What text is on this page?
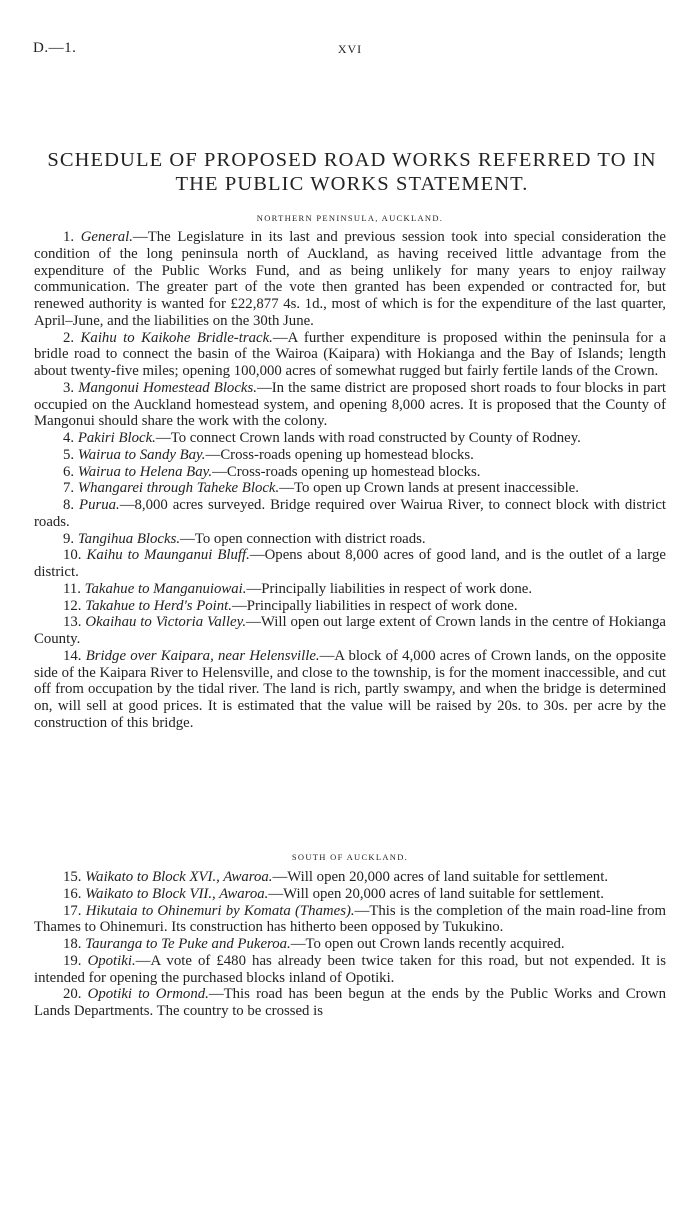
D.—1.	XVI
SCHEDULE OF PROPOSED ROAD WORKS REFERRED TO IN THE PUBLIC WORKS STATEMENT.
NORTHERN PENINSULA, AUCKLAND.

1. General.—The Legislature in its last and previous session took into special consideration the condition of the long peninsula north of Auckland, as having received little advantage from the expenditure of the Public Works Fund, and as being unlikely for many years to enjoy railway communication. The greater part of the vote then granted has been expended or contracted for, but renewed authority is wanted for £22,877 4s. 1d., most of which is for the expenditure of the last quarter, April–June, and the liabilities on the 30th June.

2. Kaihu to Kaikohe Bridle-track.—A further expenditure is proposed within the peninsula for a bridle road to connect the basin of the Wairoa (Kaipara) with Hokianga and the Bay of Islands; length about twenty-five miles; opening 100,000 acres of somewhat rugged but fairly fertile lands of the Crown.

3. Mangonui Homestead Blocks.—In the same district are proposed short roads to four blocks in part occupied on the Auckland homestead system, and opening 8,000 acres. It is proposed that the County of Mangonui should share the work with the colony.

4. Pakiri Block.—To connect Crown lands with road constructed by County of Rodney.

5. Wairua to Sandy Bay.—Cross-roads opening up homestead blocks.

6. Wairua to Helena Bay.—Cross-roads opening up homestead blocks.

7. Whangarei through Taheke Block.—To open up Crown lands at present inaccessible.

8. Purua.—8,000 acres surveyed. Bridge required over Wairua River, to connect block with district roads.

9. Tangihua Blocks.—To open connection with district roads.

10. Kaihu to Maunganui Bluff.—Opens about 8,000 acres of good land, and is the outlet of a large district.

11. Takahue to Manganuiowai.—Principally liabilities in respect of work done.

12. Takahue to Herd's Point.—Principally liabilities in respect of work done.

13. Okaihau to Victoria Valley.—Will open out large extent of Crown lands in the centre of Hokianga County.

14. Bridge over Kaipara, near Helensville.—A block of 4,000 acres of Crown lands, on the opposite side of the Kaipara River to Helensville, and close to the township, is for the moment inaccessible, and cut off from occupation by the tidal river. The land is rich, partly swampy, and when the bridge is determined on, will sell at good prices. It is estimated that the value will be raised by 20s. to 30s. per acre by the construction of this bridge.

SOUTH OF AUCKLAND.

15. Waikato to Block XVI., Awaroa.—Will open 20,000 acres of land suitable for settlement.

16. Waikato to Block VII., Awaroa.—Will open 20,000 acres of land suitable for settlement.

17. Hikutaia to Ohinemuri by Komata (Thames).—This is the completion of the main road-line from Thames to Ohinemuri. Its construction has hitherto been opposed by Tukukino.

18. Tauranga to Te Puke and Pukeroa.—To open out Crown lands recently acquired.

19. Opotiki.—A vote of £480 has already been twice taken for this road, but not expended. It is intended for opening the purchased blocks inland of Opotiki.

20. Opotiki to Ormond.—This road has been begun at the ends by the Public Works and Crown Lands Departments. The country to be crossed is
